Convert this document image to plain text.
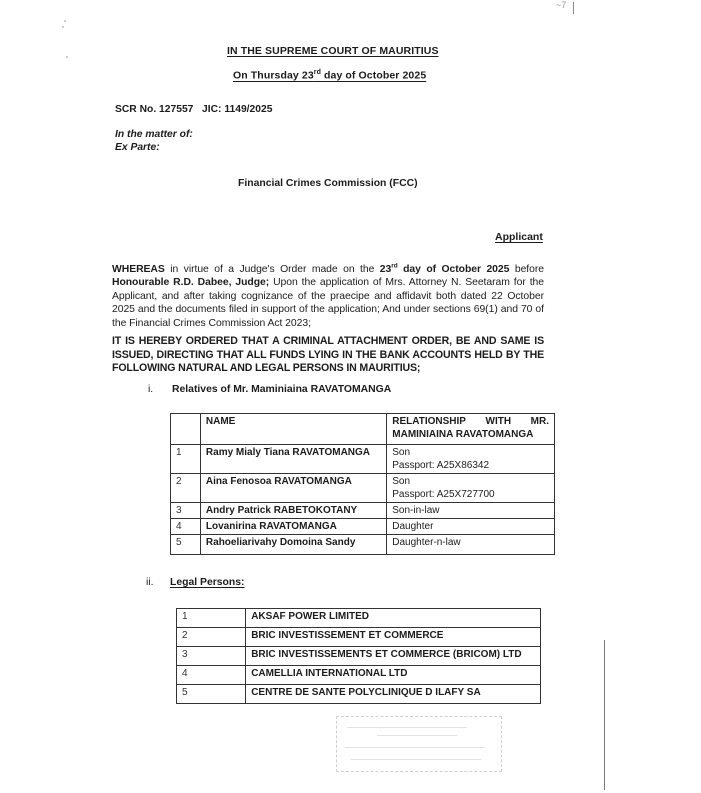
~7
IN THE SUPREME COURT OF MAURITIUS
On Thursday 23rd day of October 2025
SCR No. 127557 JIC: 1149/2025
In the matter of:
Ex Parte:
Financial Crimes Commission (FCC)
Applicant
WHEREAS in virtue of a Judge's Order made on the 23rd day of October 2025 before Honourable R.D. Dabee, Judge; Upon the application of Mrs. Attorney N. Seetaram for the Applicant, and after taking cognizance of the praecipe and affidavit both dated 22 October 2025 and the documents filed in support of the application; And under sections 69(1) and 70 of the Financial Crimes Commission Act 2023;
IT IS HEREBY ORDERED THAT A CRIMINAL ATTACHMENT ORDER, BE AND SAME IS ISSUED, DIRECTING THAT ALL FUNDS LYING IN THE BANK ACCOUNTS HELD BY THE FOLLOWING NATURAL AND LEGAL PERSONS IN MAURITIUS;
i. Relatives of Mr. Maminiaina RAVATOMANGA
	NAME	RELATIONSHIP WITH MR.
MAMINIAINA RAVATOMANGA

1	Ramy Mialy Tiana RAVATOMANGA	Son
Passport: A25X86342

2	Aina Fenosoa RAVATOMANGA	Son
Passport: A25X727700

3	Andry Patrick RABETOKOTANY	Son-in-law
4	Lovanirina RAVATOMANGA	Daughter
5	Rahoeliarivahy Domoina Sandy	Daughter-n-law
ii. Legal Persons:
1	AKSAF POWER LIMITED
2	BRIC INVESTISSEMENT ET COMMERCE
3	BRIC INVESTISSEMENTS ET COMMERCE (BRICOM) LTD
4	CAMELLIA INTERNATIONAL LTD
5	CENTRE DE SANTE POLYCLINIQUE D ILAFY SA
